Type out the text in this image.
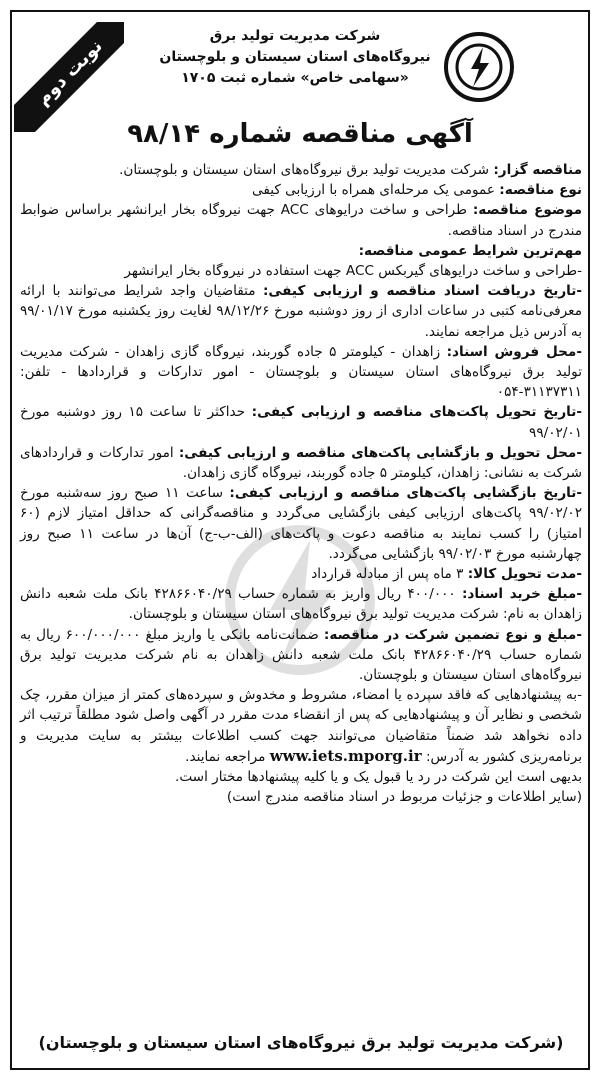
نوبت دوم	شرکت مدیریت تولید برق
نیروگاه‌های استان سیستان و بلوچستان
«سهامی خاص» شماره ثبت ۱۷۰۵
آگهی مناقصه شماره ۹۸/۱۴

مناقصه گزار: شرکت مدیریت تولید برق نیروگاه‌های استان سیستان و بلوچستان.

نوع مناقصه: عمومی یک مرحله‌ای همراه با ارزیابی کیفی

موضوع مناقصه: طراحی و ساخت درایوهای ACC جهت نیروگاه بخار ایرانشهر براساس ضوابط مندرج در اسناد مناقصه.

مهم‌ترین شرایط عمومی مناقصه:

-طراحی و ساخت درایوهای گیربکس ACC جهت استفاده در نیروگاه بخار ایرانشهر

-تاریخ دریافت اسناد مناقصه و ارزیابی کیفی: متقاضیان واجد شرایط می‌توانند با ارائه معرفی‌نامه کتبی در ساعات اداری از روز دوشنبه مورخ ۹۸/۱۲/۲۶ لغایت روز یکشنبه مورخ ۹۹/۰۱/۱۷ به آدرس ذیل مراجعه نمایند.

-محل فروش اسناد: زاهدان - کیلومتر ۵ جاده گوربند، نیروگاه گازی زاهدان - شرکت مدیریت تولید برق نیروگاه‌های استان سیستان و بلوچستان - امور تدارکات و قراردادها - تلفن: ۳۱۱۳۷۳۱۱-۰۵۴

-تاریخ تحویل پاکت‌های مناقصه و ارزیابی کیفی: حداکثر تا ساعت ۱۵ روز دوشنبه مورخ ۹۹/۰۲/۰۱

-محل تحویل و بازگشایی پاکت‌های مناقصه و ارزیابی کیفی: امور تدارکات و قراردادهای شرکت به نشانی: زاهدان، کیلومتر ۵ جاده گوربند، نیروگاه گازی زاهدان.

-تاریخ بازگشایی پاکت‌های مناقصه و ارزیابی کیفی: ساعت ۱۱ صبح روز سه‌شنبه مورخ ۹۹/۰۲/۰۲ پاکت‌های ارزیابی کیفی بازگشایی می‌گردد و مناقصه‌گرانی که حداقل امتیاز لازم (۶۰ امتیاز) را کسب نمایند به مناقصه دعوت و پاکت‌های (الف-ب-ج) آن‌ها در ساعت ۱۱ صبح روز چهارشنبه مورخ ۹۹/۰۲/۰۳ بازگشایی می‌گردد.

-مدت تحویل کالا: ۳ ماه پس از مبادله قرارداد

-مبلغ خرید اسناد: ۴۰۰/۰۰۰ ریال واریز به شماره حساب ۴۲۸۶۶۰۴۰/۲۹ بانک ملت شعبه دانش زاهدان به نام: شرکت مدیریت تولید برق نیروگاه‌های استان سیستان و بلوچستان.

-مبلغ و نوع تضمین شرکت در مناقصه: ضمانت‌نامه بانکی یا واریز مبلغ ۶۰۰/۰۰۰/۰۰۰ ریال به شماره حساب ۴۲۸۶۶۰۴۰/۲۹ بانک ملت شعبه دانش زاهدان به نام شرکت مدیریت تولید برق نیروگاه‌های استان سیستان و بلوچستان.

-به پیشنهادهایی که فاقد سپرده یا امضاء، مشروط و مخدوش و سپرده‌های کمتر از میزان مقرر، چک شخصی و نظایر آن و پیشنهادهایی که پس از انقضاء مدت مقرر در آگهی واصل شود مطلقاً ترتیب اثر داده نخواهد شد ضمناً متقاضیان می‌توانند جهت کسب اطلاعات بیشتر به سایت مدیریت و برنامه‌ریزی کشور به آدرس: www.iets.mporg.ir مراجعه نمایند.

بدیهی است این شرکت در رد یا قبول یک و یا کلیه پیشنهادها مختار است.

(سایر اطلاعات و جزئیات مربوط در اسناد مناقصه مندرج است)

(شرکت مدیریت تولید برق نیروگاه‌های استان سیستان و بلوچستان)
